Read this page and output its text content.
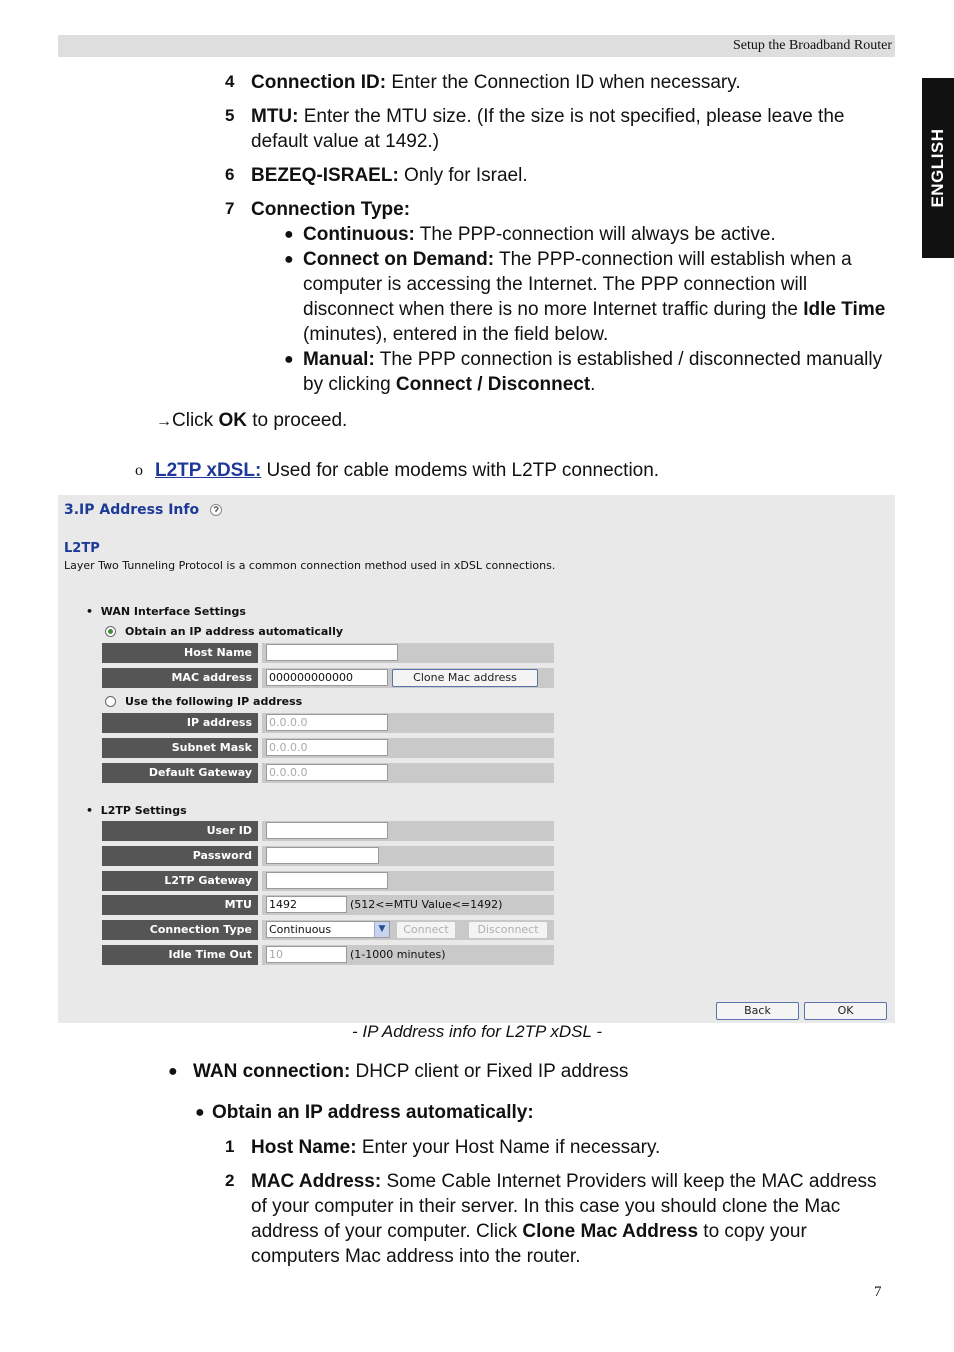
Setup the Broadband Router
ENGLISH
4 Connection ID: Enter the Connection ID when necessary.
5 MTU: Enter the MTU size. (If the size is not specified, please leave the default value at 1492.)
6 BEZEQ-ISRAEL: Only for Israel.
7 Connection Type:
● Continuous: The PPP-connection will always be active.
● Connect on Demand: The PPP-connection will establish when a computer is accessing the Internet. The PPP connection will disconnect when there is no more Internet traffic during the Idle Time (minutes), entered in the field below.
● Manual: The PPP connection is established / disconnected manually by clicking Connect / Disconnect.
→Click OK to proceed.
o L2TP xDSL: Used for cable modems with L2TP connection.
3.IP Address Info
L2TP
Layer Two Tunneling Protocol is a common connection method used in xDSL connections.
•  WAN Interface Settings
Obtain an IP address automatically
Host Name
MAC address	000000000000	Clone Mac address
Use the following IP address
IP address	0.0.0.0
Subnet Mask	0.0.0.0
Default Gateway	0.0.0.0
•  L2TP Settings
User ID
Password
L2TP Gateway
MTU	1492	(512<=MTU Value<=1492)
Connection Type	Continuous	▼	Connect	Disconnect
Idle Time Out	10	(1-1000 minutes)
Back	OK
- IP Address info for L2TP xDSL -
● WAN connection: DHCP client or Fixed IP address
● Obtain an IP address automatically:
1 Host Name: Enter your Host Name if necessary.
2 MAC Address: Some Cable Internet Providers will keep the MAC address of your computer in their server. In this case you should clone the Mac address of your computer. Click Clone Mac Address to copy your computers Mac address into the router.
7
